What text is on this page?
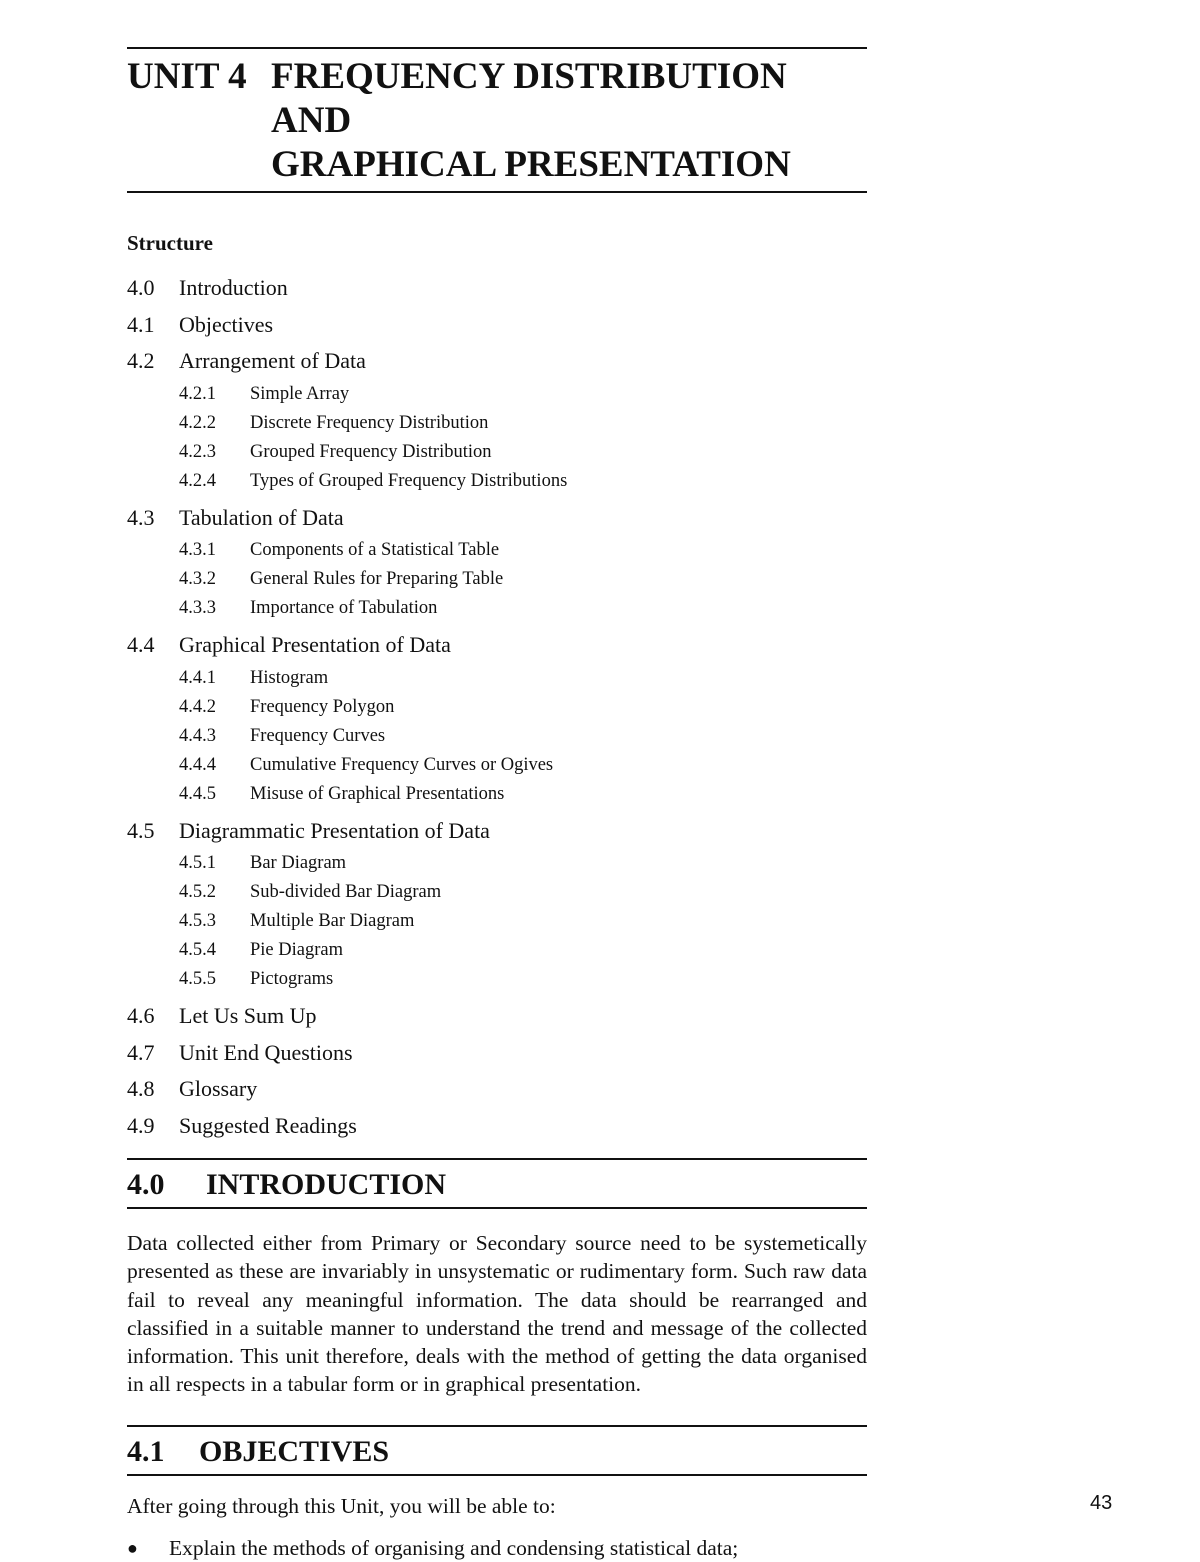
UNIT 4 FREQUENCY DISTRIBUTION AND
GRAPHICAL PRESENTATION
Structure
4.0	Introduction
4.1	Objectives
4.2	Arrangement of Data
4.2.1	Simple Array
4.2.2	Discrete Frequency Distribution
4.2.3	Grouped Frequency Distribution
4.2.4	Types of Grouped Frequency Distributions
4.3	Tabulation of Data
4.3.1	Components of a Statistical Table
4.3.2	General Rules for Preparing Table
4.3.3	Importance of Tabulation
4.4	Graphical Presentation of Data
4.4.1	Histogram
4.4.2	Frequency Polygon
4.4.3	Frequency Curves
4.4.4	Cumulative Frequency Curves or Ogives
4.4.5	Misuse of Graphical Presentations
4.5	Diagrammatic Presentation of Data
4.5.1	Bar Diagram
4.5.2	Sub-divided Bar Diagram
4.5.3	Multiple Bar Diagram
4.5.4	Pie Diagram
4.5.5	Pictograms
4.6	Let Us Sum Up
4.7	Unit End Questions
4.8	Glossary
4.9	Suggested Readings
4.0	INTRODUCTION

Data collected either from Primary or Secondary source need to be systemetically presented as these are invariably in unsystematic or rudimentary form. Such raw data fail to reveal any meaningful information. The data should be rearranged and classified in a suitable manner to understand the trend and message of the collected information. This unit therefore, deals with the method of getting the data organised in all respects in a tabular form or in graphical presentation.

4.1	OBJECTIVES

After going through this Unit, you will be able to:

●	Explain the methods of organising and condensing statistical data;
43
